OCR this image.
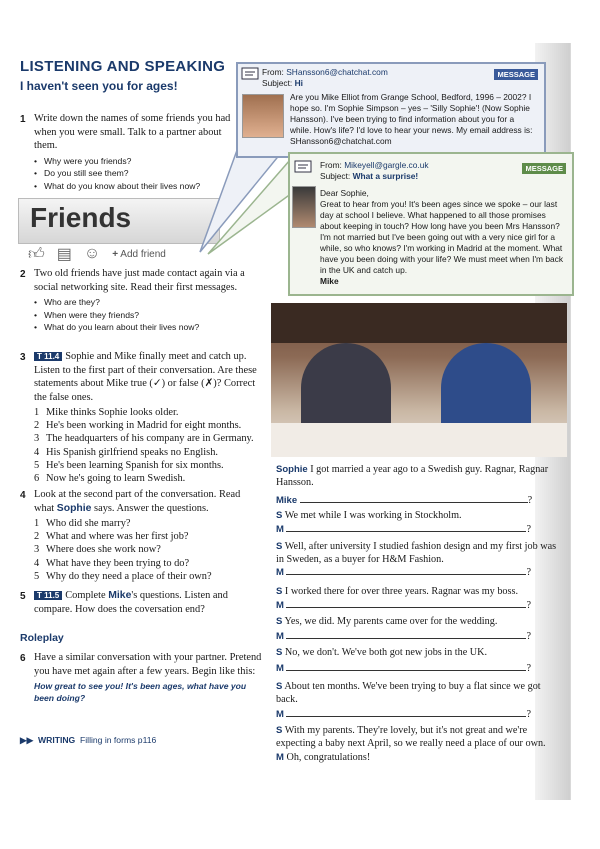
LISTENING AND SPEAKING
I haven't seen you for ages!
1 Write down the names of some friends you had when you were small. Talk to a partner about them.
• Why were you friends?
• Do you still see them?
• What do you know about their lives now?
Friends
👍︎ ▤ ☺ + Add friend
From: SHansson6@chatchat.com
Subject: Hi
MESSAGE
Are you Mike Elliot from Grange School, Bedford, 1996 – 2002? I hope so. I'm Sophie Simpson – yes – 'Silly Sophie'! (Now Sophie Hansson). I've been trying to find information about you for a while. How's life? I'd love to hear your news. My email address is: SHansson6@chatchat.com
From: Mikeyell@gargle.co.uk
Subject: What a surprise!
MESSAGE
Dear Sophie,
Great to hear from you! It's been ages since we spoke – our last day at school I believe. What happened to all those promises about keeping in touch? How long have you been Mrs Hansson? I'm not married but I've been going out with a very nice girl for a while, so who knows? I'm working in Madrid at the moment. What have you been doing with your life? We must meet when I'm back in the UK and catch up.
Mike
2 Two old friends have just made contact again via a social networking site. Read their first messages.
• Who are they?
• When were they friends?
• What do you learn about their lives now?
3	T 11.4 Sophie and Mike finally meet and catch up. Listen to the first part of their conversation. Are these statements about Mike true (✓) or false (✗)? Correct the false ones.
1 Mike thinks Sophie looks older.
2 He's been working in Madrid for eight months.
3 The headquarters of his company are in Germany.
4 His Spanish girlfriend speaks no English.
5 He's been learning Spanish for six months.
6 Now he's going to learn Swedish.
4 Look at the second part of the conversation. Read what Sophie says. Answer the questions.
1 Who did she marry?
2 What and where was her first job?
3 Where does she work now?
4 What have they been trying to do?
5 Why do they need a place of their own?
5	T 11.5 Complete Mike's questions. Listen and compare. How does the coversation end?
Roleplay
6 Have a similar conversation with your partner. Pretend you have met again after a few years. Begin like this:
How great to see you! It's been ages, what have you been doing?
▶▶ WRITING Filling in forms p116
Sophie I got married a year ago to a Swedish guy. Ragnar, Ragnar Hansson.
Mike	?
S We met while I was working in Stockholm.
M	?
S Well, after university I studied fashion design and my first job was in Sweden, as a buyer for H&M Fashion.
M	?
S I worked there for over three years. Ragnar was my boss.
M	?
S Yes, we did. My parents came over for the wedding.
M	?
S No, we don't. We've both got new jobs in the UK.
M	?
S About ten months. We've been trying to buy a flat since we got back.
M	?
S With my parents. They're lovely, but it's not great and we're expecting a baby next April, so we really need a place of our own.
M Oh, congratulations!
